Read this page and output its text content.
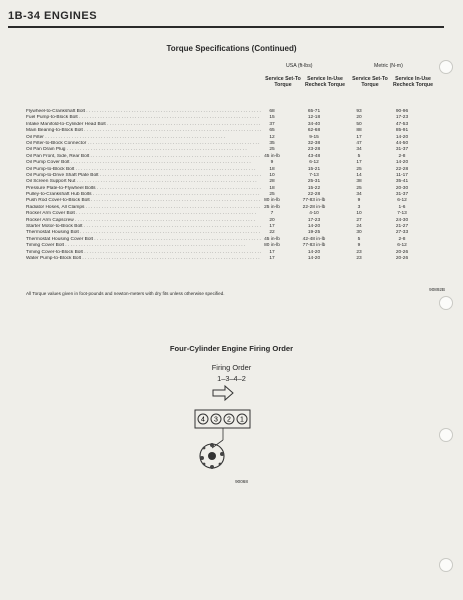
1B-34 ENGINES
Torque Specifications (Continued)
USA (ft-lbs)	Metric (N-m)
Service Set-To Torque
Service In-Use Recheck Torque
Service Set-To Torque
Service In-Use Recheck Torque
Flywheel-to-Crankshaft Bolt . . .	68	65-71	93	90-96
Fuel Pump-to-Block Bolt . . .	15	12-18	20	17-23
Intake Manifold-to-Cylinder Head Bolt . . .	37	34-40	50	47-53
Main Bearing-to-Block Bolt . . .	65	62-68	88	85-91
Oil Filter . . .	12	9-15	17	14-20
Oil Filter-to-Block Connector . . .	35	32-38	47	44-50
Oil Pan Drain Plug . . .	25	23-28	34	31-37
Oil Pan Front, Side, Rear Bolt . . .	45 in-lb	43-48	5	2-8
Oil Pump Cover Bolt . . .	9	6-12	17	14-20
Oil Pump-to-Block Bolt . . .	18	15-21	25	22-28
Oil Pump-to-Drive Shaft Plate Bolt . . .	10	7-13	14	11-17
Oil Screen Support Nut . . .	28	25-31	38	35-41
Pressure Plate-to-Flywheel Bolts . . .	18	15-22	25	20-30
Pulley-to-Crankshaft Hub Bolts . . .	25	22-28	34	31-37
Push Rod Cover-to-Block Bolt . . .	80 in-lb	77-83 in-lb	9	6-12
Radiator Hoses, All Clamps . . .	25 in-lb	22-28 in-lb	3	1-6
Rocker Arm Cover Bolt . . .	7	4-10	10	7-13
Rocker Arm Capscrew . . .	20	17-23	27	24-30
Starter Motor-to-Block Bolt . . .	17	14-20	24	21-27
Thermostat Housing Bolt . . .	22	19-25	30	27-33
Thermostat Housing Cover Bolt . . .	45 in-lb	42-48 in-lb	5	2-8
Timing Cover Bolt . . .	80 in-lb	77-83 in-lb	9	6-12
Timing Cover-to-Block Bolt . . .	17	14-20	23	20-26
Water Pump-to-Block Bolt . . .	17	14-20	23	20-26
90892B
All Torque values given in foot-pounds and newton-meters with dry fits unless otherwise specified.
Four-Cylinder Engine Firing Order
Firing Order
1–3–4–2
4 3 2 1
90068
